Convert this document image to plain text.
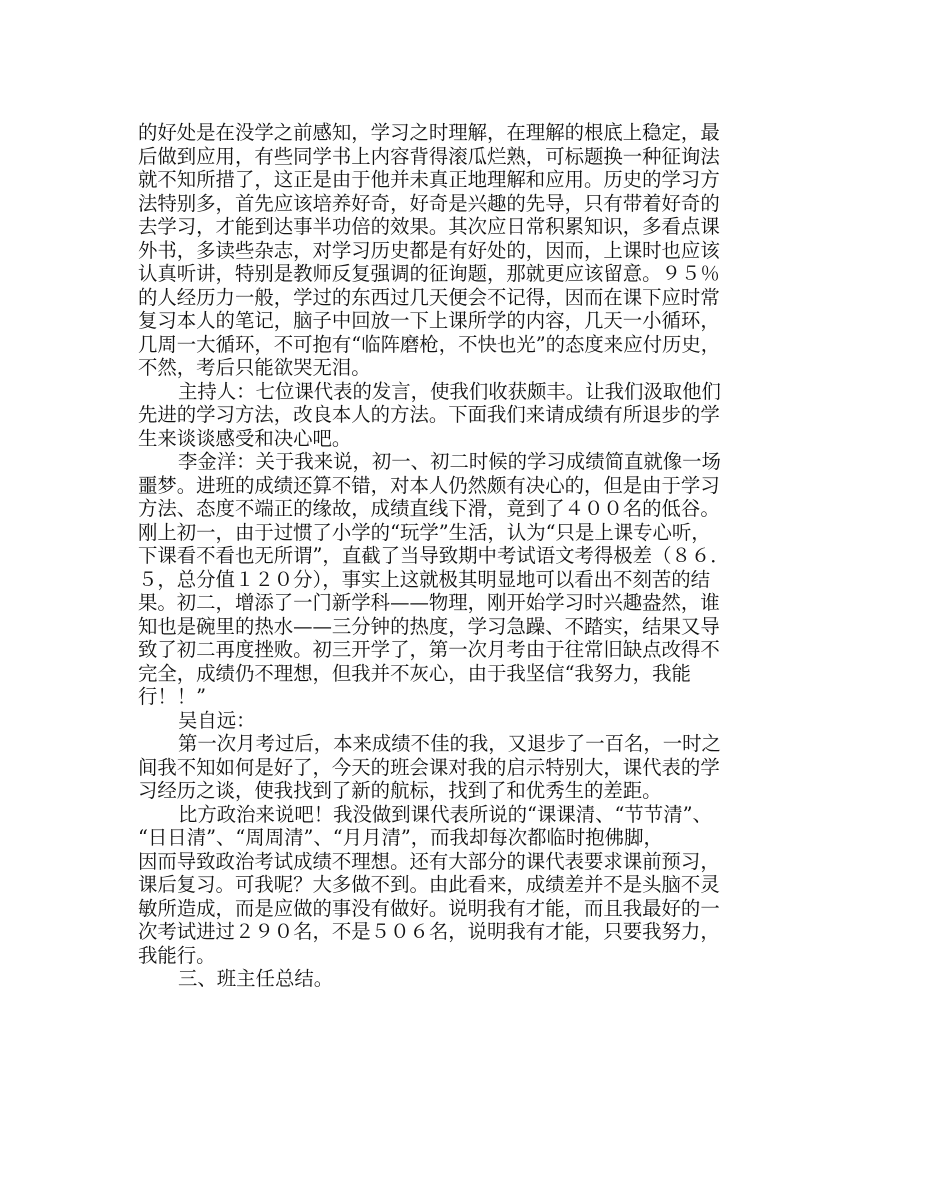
的好处是在没学之前感知，学习之时理解，在理解的根底上稳定，最
后做到应用，有些同学书上内容背得滚瓜烂熟，可标题换一种征询法
就不知所措了，这正是由于他并未真正地理解和应用。历史的学习方
法特别多，首先应该培养好奇，好奇是兴趣的先导，只有带着好奇的
去学习，才能到达事半功倍的效果。其次应日常积累知识，多看点课
外书，多读些杂志，对学习历史都是有好处的，因而，上课时也应该
认真听讲，特别是教师反复强调的征询题，那就更应该留意。９５％
的人经历力一般，学过的东西过几天便会不记得，因而在课下应时常
复习本人的笔记，脑子中回放一下上课所学的内容，几天一小循环，
几周一大循环，不可抱有“临阵磨枪，不快也光”的态度来应付历史，
不然，考后只能欲哭无泪。
主持人：七位课代表的发言，使我们收获颇丰。让我们汲取他们
先进的学习方法，改良本人的方法。下面我们来请成绩有所退步的学
生来谈谈感受和决心吧。
李金洋：关于我来说，初一、初二时候的学习成绩简直就像一场
噩梦。进班的成绩还算不错，对本人仍然颇有决心的，但是由于学习
方法、态度不端正的缘故，成绩直线下滑，竟到了４００名的低谷。
刚上初一，由于过惯了小学的“玩学”生活，认为“只是上课专心听，
下课看不看也无所谓”，直截了当导致期中考试语文考得极差（８６．
５，总分值１２０分），事实上这就极其明显地可以看出不刻苦的结
果。初二，增添了一门新学科——物理，刚开始学习时兴趣盎然，谁
知也是碗里的热水——三分钟的热度，学习急躁、不踏实，结果又导
致了初二再度挫败。初三开学了，第一次月考由于往常旧缺点改得不
完全，成绩仍不理想，但我并不灰心，由于我坚信“我努力，我能
行！！”
吴自远：
第一次月考过后，本来成绩不佳的我，又退步了一百名，一时之
间我不知如何是好了，今天的班会课对我的启示特别大，课代表的学
习经历之谈，使我找到了新的航标，找到了和优秀生的差距。
比方政治来说吧！我没做到课代表所说的“课课清、“节节清”、
“日日清”、“周周清”、“月月清”，而我却每次都临时抱佛脚，
因而导致政治考试成绩不理想。还有大部分的课代表要求课前预习，
课后复习。可我呢？大多做不到。由此看来，成绩差并不是头脑不灵
敏所造成，而是应做的事没有做好。说明我有才能，而且我最好的一
次考试进过２９０名，不是５０６名，说明我有才能，只要我努力，
我能行。
三、班主任总结。
